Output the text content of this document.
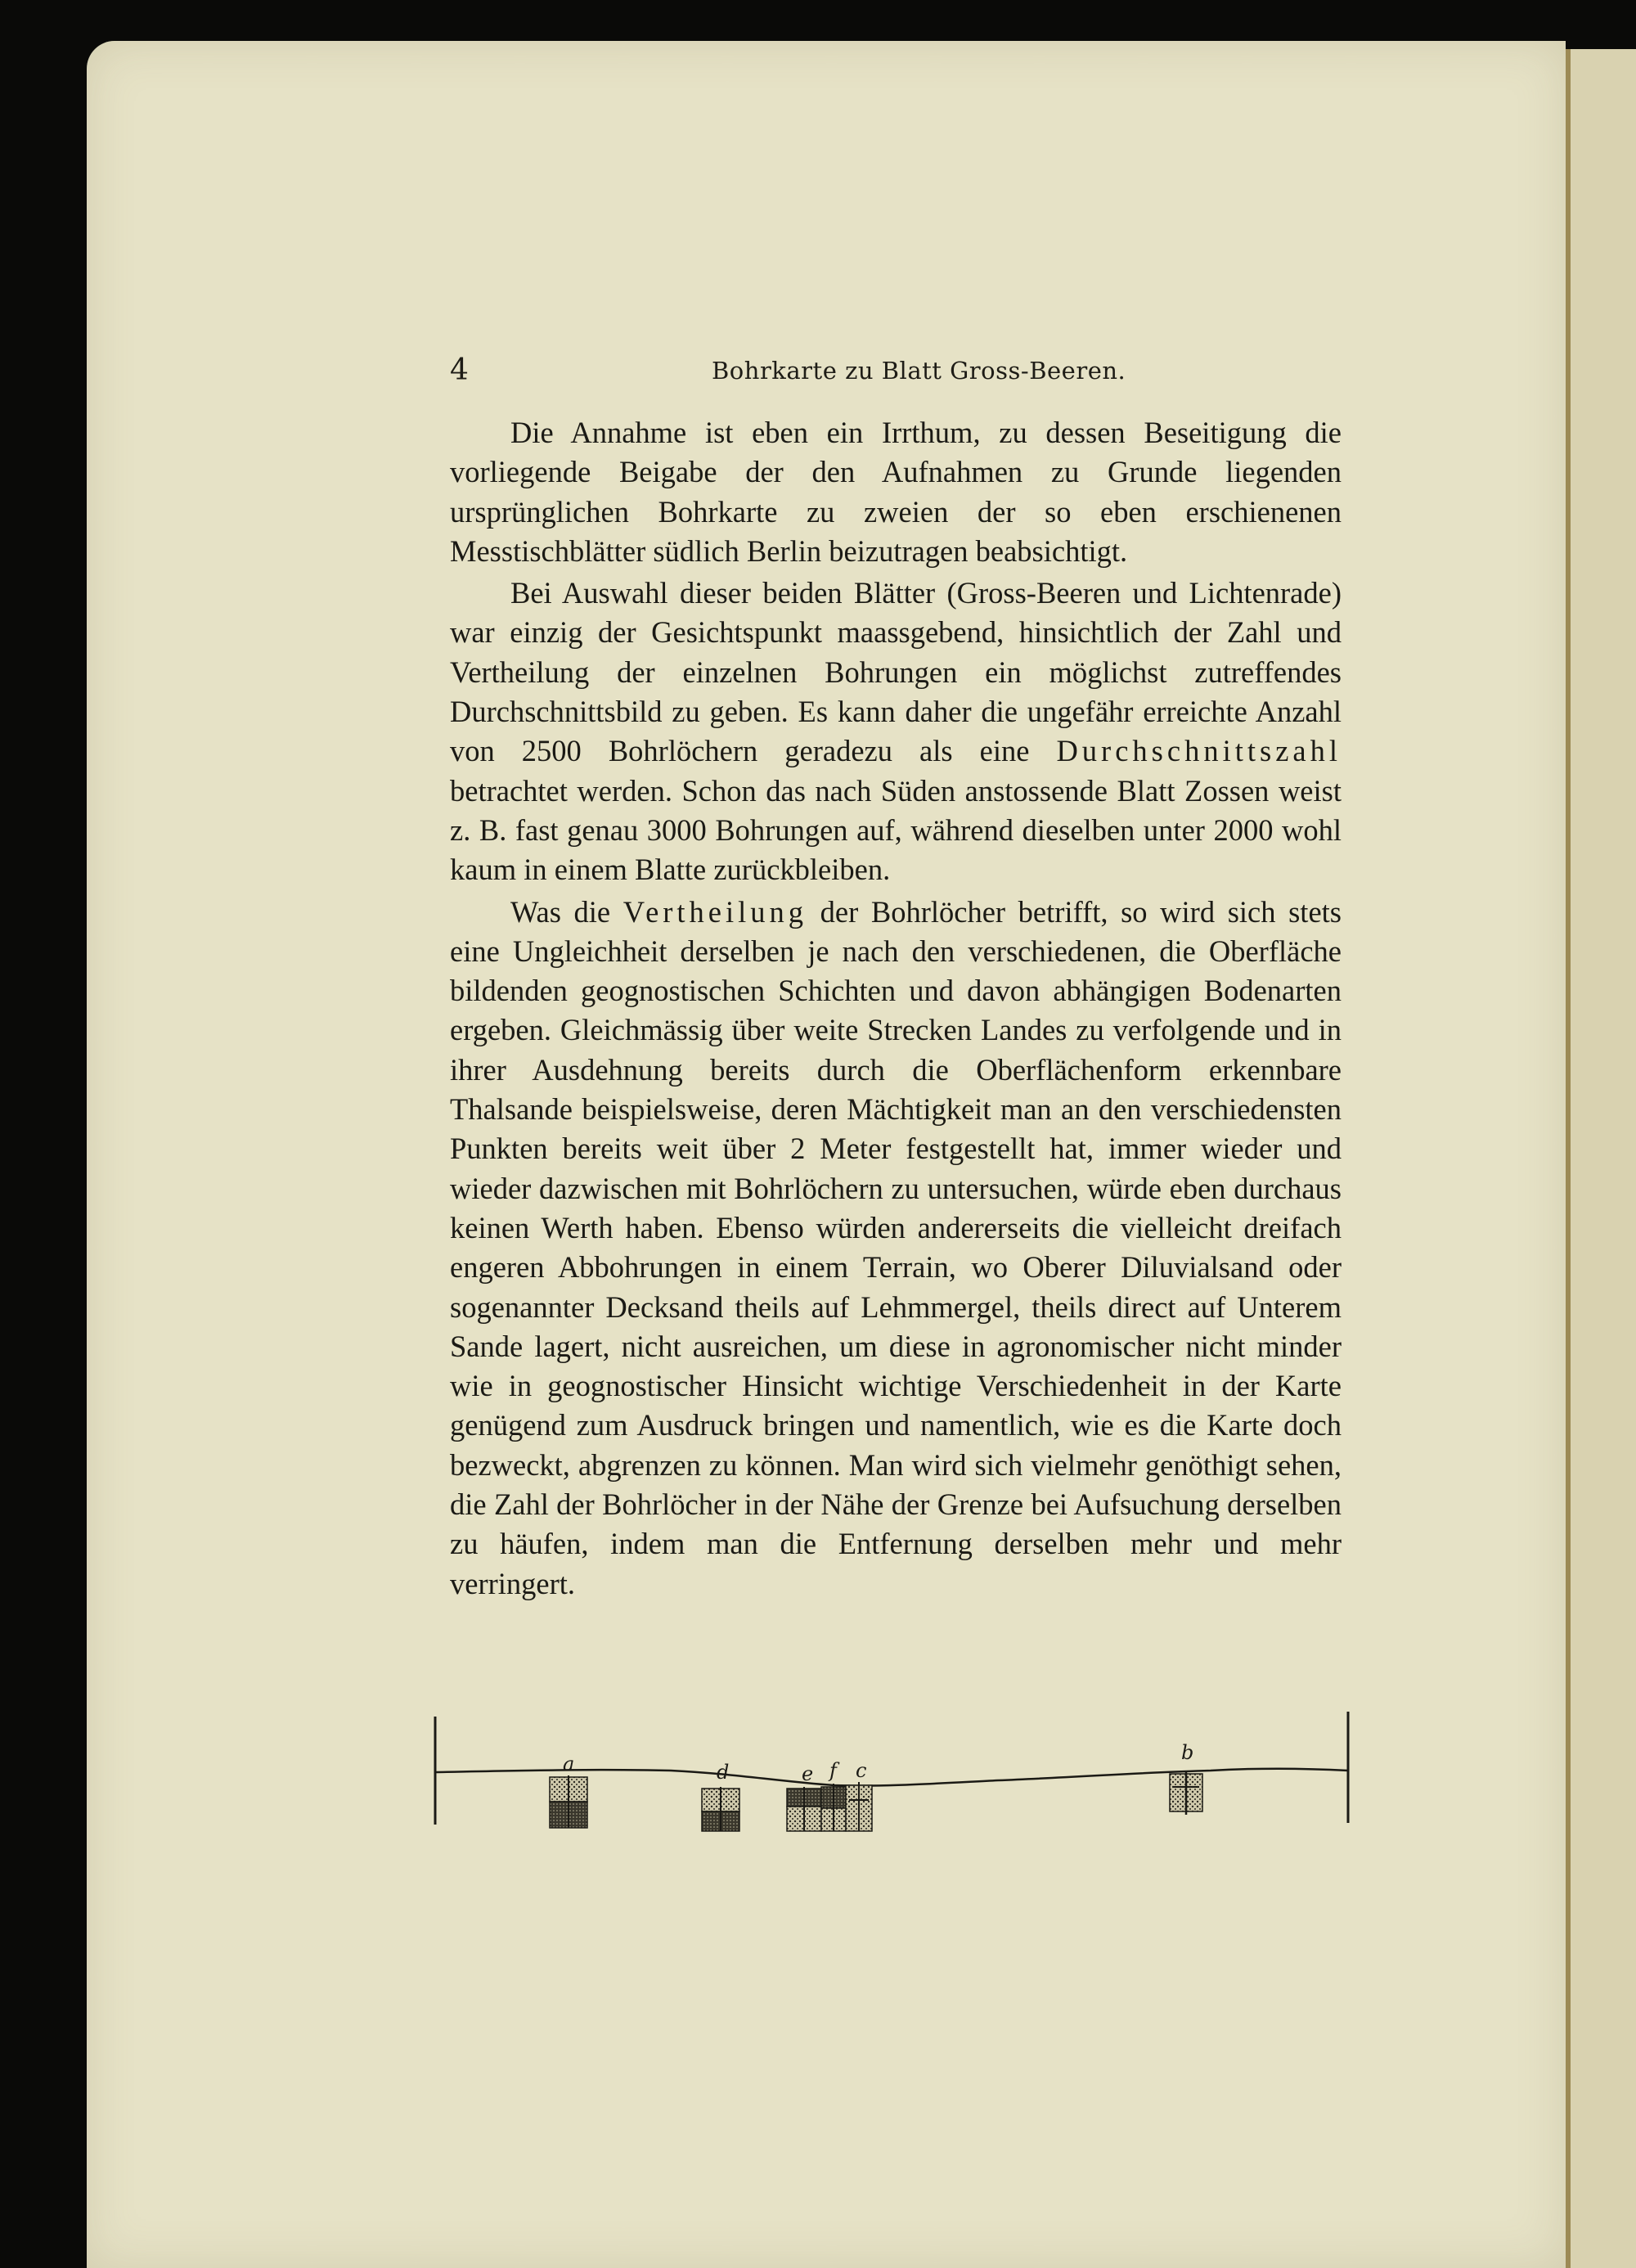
4	Bohrkarte zu Blatt Gross-Beeren.

Die Annahme ist eben ein Irrthum, zu dessen Beseitigung die vorliegende Beigabe der den Aufnahmen zu Grunde liegenden ursprünglichen Bohrkarte zu zweien der so eben erschienenen Messtischblätter südlich Berlin beizutragen beabsichtigt.

Bei Auswahl dieser beiden Blätter (Gross-Beeren und Lichtenrade) war einzig der Gesichtspunkt maassgebend, hinsichtlich der Zahl und Vertheilung der einzelnen Bohrungen ein möglichst zutreffendes Durchschnittsbild zu geben. Es kann daher die ungefähr erreichte Anzahl von 2500 Bohrlöchern geradezu als eine Durchschnittszahl betrachtet werden. Schon das nach Süden anstossende Blatt Zossen weist z. B. fast genau 3000 Bohrungen auf, während dieselben unter 2000 wohl kaum in einem Blatte zurückbleiben.

Was die Vertheilung der Bohrlöcher betrifft, so wird sich stets eine Ungleichheit derselben je nach den verschiedenen, die Oberfläche bildenden geognostischen Schichten und davon abhängigen Bodenarten ergeben. Gleichmässig über weite Strecken Landes zu verfolgende und in ihrer Ausdehnung bereits durch die Oberflächenform erkennbare Thalsande beispielsweise, deren Mächtigkeit man an den verschiedensten Punkten bereits weit über 2 Meter festgestellt hat, immer wieder und wieder dazwischen mit Bohrlöchern zu untersuchen, würde eben durchaus keinen Werth haben. Ebenso würden andererseits die vielleicht dreifach engeren Abbohrungen in einem Terrain, wo Oberer Diluvialsand oder sogenannter Decksand theils auf Lehmmergel, theils direct auf Unterem Sande lagert, nicht ausreichen, um diese in agronomischer nicht minder wie in geognostischer Hinsicht wichtige Verschiedenheit in der Karte genügend zum Ausdruck bringen und namentlich, wie es die Karte doch bezweckt, abgrenzen zu können. Man wird sich vielmehr genöthigt sehen, die Zahl der Bohrlöcher in der Nähe der Grenze bei Aufsuchung derselben zu häufen, indem man die Entfernung derselben mehr und mehr verringert.

a	d	e f c
b
